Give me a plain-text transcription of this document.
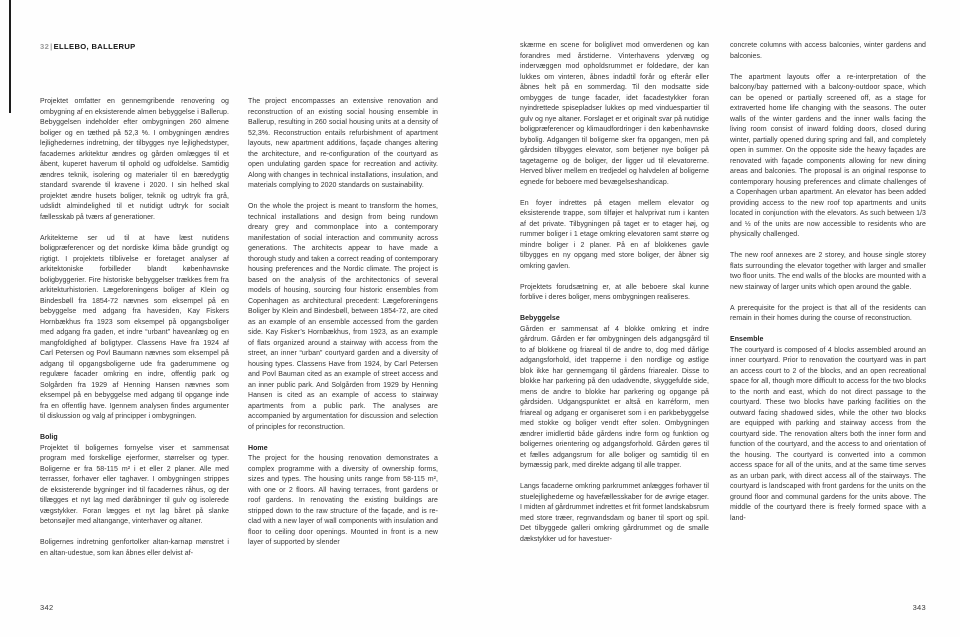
32|ELLEBO, BALLERUP

Projektet omfatter en gennemgribende renovering og ombygning af en eksisterende almen bebyggelse i Ballerup. Bebyggelsen indeholder efter ombygningen 260 almene boliger og en tæthed på 52,3 %. I ombygningen ændres lejlighedernes indretning, der tilbygges nye lejlighedstyper, facadernes arkitektur ændres og gården omlægges til et åbent, kuperet haverum til ophold og udfoldelse. Samtidig ændres teknik, isolering og materialer til en bæredygtig standard svarende til kravene i 2020. I sin helhed skal projektet ændre husets boliger, teknik og udtryk fra grå, udslidt almindelighed til et nutidigt udtryk for socialt fællesskab på tværs af generationer.

Arkitekterne ser ud til at have læst nutidens boligpræferencer og det nordiske klima både grundigt og rigtigt. I projektets tilblivelse er foretaget analyser af arkitektoniske forbilleder blandt københavnske boligbyggerier. Fire historiske bebyggelser trækkes frem fra arkitekturhistorien. Lægeforeningens boliger af Klein og Bindesbøll fra 1854-72 nævnes som eksempel på en bebyggelse med adgang fra havesiden, Kay Fiskers Hornbækhus fra 1923 som eksempel på opgangsboliger med adgang fra gaden, et indre “urbant” haveanlæg og en mangfoldighed af boligtyper. Classens Have fra 1924 af Carl Petersen og Povl Baumann nævnes som eksempel på adgang til opgangsboligerne ude fra gaderummene og regulære facader omkring en indre, offentlig park og Solgården fra 1929 af Henning Hansen nævnes som eksempel på en bebyggelse med adgang til opgange inde fra en offentlig have. Igennem analysen findes argumenter til diskussion og valg af principper i ombygningen.

Bolig

Projektet til boligernes fornyelse viser et sammensat program med forskellige ejerformer, størrelser og typer. Boligerne er fra 58-115 m² i et eller 2 planer. Alle med terrasser, forhaver eller taghaver. I ombygningen strippes de eksisterende bygninger ind til facadernes råhus, og der tillægges et nyt lag med døråbninger til gulv og isolerede vægstykker. Foran lægges et nyt lag båret på slanke betonsøjler med altangange, vinterhaver og altaner.

Boligernes indretning genfortolker altan-karnap mønstret i en altan-udestue, som kan åbnes eller delvist af-

The project encompasses an extensive renovation and reconstruction of an existing social housing ensemble in Ballerup, resulting in 260 social housing units at a density of 52,3%. Reconstruction entails refurbishment of apartment layouts, new apartment additions, façade changes altering the architecture, and re-configuration of the courtyard as open undulating garden space for recreation and activity. Along with changes in technical installations, insulation, and materials complying to 2020 standards on sustainability.

On the whole the project is meant to transform the homes, technical installations and design from being rundown dreary grey and commonplace into a contemporary manifestation of social interaction and community across generations. The architects appear to have made a thorough study and taken a correct reading of contemporary housing preferences and the Nordic climate. The project is based on the analysis of the architectonics of several models of housing, sourcing four historic ensembles from Copenhagen as architectural precedent: Lægeforeningens Boliger by Klein and Bindesbøll, between 1854-72, are cited as an example of an ensemble accessed from the garden side. Kay Fisker’s Hornbækhus, from 1923, as an example of flats organized around a stairway with access from the street, an inner “urban” courtyard garden and a diversity of housing types. Classens Have from 1924, by Carl Petersen and Povl Bauman cited as an example of street access and an inner public park. And Solgården from 1929 by Henning Hansen is cited as an example of access to stairway apartments from a public park. The analyses are accompanied by argumentation for discussion and selection of principles for reconstruction.

Home

The project for the housing renovation demonstrates a complex programme with a diversity of ownership forms, sizes and types. The housing units range from 58-115 m², with one or 2 floors. All having terraces, front gardens or roof gardens. In renovating the existing buildings are stripped down to the raw structure of the façade, and is re-clad with a new layer of wall components with insulation and floor to ceiling door openings. Mounted in front is a new layer of supported by slender

skærme en scene for boliglivet mod omverdenen og kan forandres med årstiderne. Vinterhavens ydervæg og indervæggen mod opholdsrummet er foldedøre, der kan lukkes om vinteren, åbnes indadtil forår og efterår eller åbnes helt på en sommerdag. Til den modsatte side ombygges de tunge facader, idet facadestykker foran nyindrettede spisepladser lukkes op med vinduespartier til gulv og nye altaner. Forslaget er et originalt svar på nutidige boligpræferencer og klimaudfordringer i den københavnske bybolig. Adgangen til boligerne sker fra opgangen, men på gårdsiden tilbygges elevator, som betjener nye boliger på tagetagerne og de boliger, der ligger ud til elevatorerne. Herved bliver mellem en tredjedel og halvdelen af boligerne egnede for beboere med bevægelseshandicap.

En foyer indrettes på etagen mellem elevator og eksisterende trappe, som tilføjer et halvprivat rum i kanten af det private. Tilbygningen på taget er to etager høj, og rummer boliger i 1 etage omkring elevatoren samt større og mindre boliger i 2 planer. På en af blokkenes gavle tilbygges en ny opgang med store boliger, der åbner sig omkring gavlen.

Projektets forudsætning er, at alle beboere skal kunne forblive i deres boliger, mens ombygningen realiseres.

Bebyggelse

Gården er sammensat af 4 blokke omkring et indre gårdrum. Gården er før ombygningen dels adgangsgård til to af blokkene og friareal til de andre to, dog med dårlige adgangsforhold, idet trapperne i den nordlige og østlige blok ikke har gennemgang til gårdens friarealer. Disse to blokke har parkering på den udadvendte, skyggefulde side, mens de andre to blokke har parkering og opgange på gårdsiden. Udgangspunktet er altså en karréform, men friareal og adgang er organiseret som i en parkbebyggelse med stokke og boliger vendt efter solen. Ombygningen ændrer imidlertid både gårdens indre form og funktion og boligernes orientering og adgangsforhold. Gården gøres til et fælles adgangsrum for alle boliger og samtidig til en bymæssig park, med direkte adgang til alle trapper.

Langs facaderne omkring parkrummet anlægges forhaver til stuelejlighederne og havefællesskaber for de øvrige etager. I midten af gårdrummet indrettes et frit formet landskabsrum med store træer, regnvandsdam og baner til sport og spil. Det tilbyggede galleri omkring gårdrummet og de smalle dækstykker ud for havestuer-

concrete columns with access balconies, winter gardens and balconies.

The apartment layouts offer a re-interpretation of the balcony/bay patterned with a balcony-outdoor space, which can be opened or partially screened off, as a stage for extraverted home life changing with the seasons. The outer walls of the winter gardens and the inner walls facing the living room consist of inward folding doors, closed during winter, partially opened during spring and fall, and completely open in summer. On the opposite side the heavy façades are renovated with façade components allowing for new dining areas and balconies. The proposal is an original response to contemporary housing preferences and climate challenges of a Copenhagen urban apartment. An elevator has been added providing access to the new roof top apartments and units located in conjunction with the elevators. As such between 1/3 and ½ of the units are now accessible to residents who are physically challenged.

The new roof annexes are 2 storey, and house single storey flats surrounding the elevator together with larger and smaller two floor units. The end walls of the blocks are mounted with a new stairway of larger units which open around the gable.

A prerequisite for the project is that all of the residents can remain in their homes during the course of reconstruction.

Ensemble

The courtyard is composed of 4 blocks assembled around an inner courtyard. Prior to renovation the courtyard was in part an access court to 2 of the blocks, and an open recreational space for all, though more difficult to access for the two blocks to the north and east, which do not direct passage to the courtyard. These two blocks have parking facilities on the outward facing shadowed sides, while the other two blocks are equipped with parking and stairway access from the courtyard side. The renovation alters both the inner form and function of the courtyard, and the access to and orientation of the housing. The courtyard is converted into a common access space for all of the units, and at the same time serves as an urban park, with direct access all of the stairways. The courtyard is landscaped with front gardens for the units on the ground floor and communal gardens for the units above. The middle of the courtyard there is freely formed space with a land-

342	343
